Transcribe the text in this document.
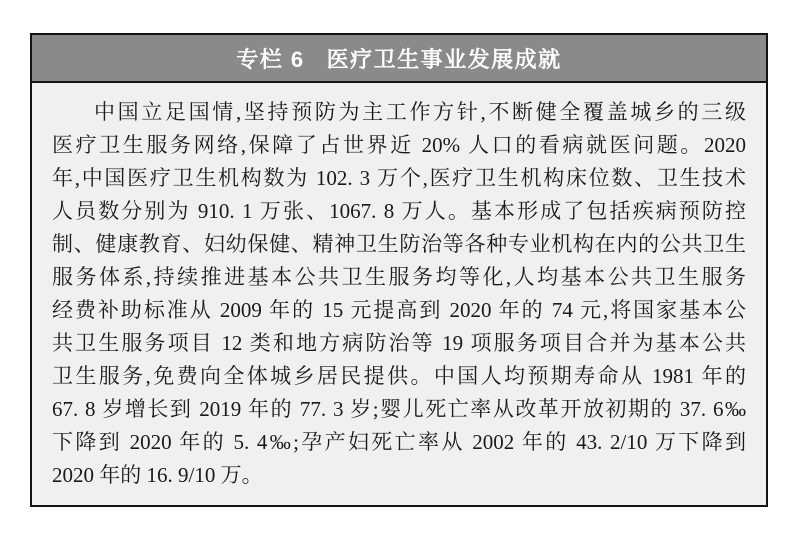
专栏 6 医疗卫生事业发展成就
中国立足国情,坚持预防为主工作方针,不断健全覆盖城乡的三级
医疗卫生服务网络,保障了占世界近 20% 人口的看病就医问题。2020
年,中国医疗卫生机构数为 102. 3 万个,医疗卫生机构床位数、卫生技术
人员数分别为 910. 1 万张、1067. 8 万人。基本形成了包括疾病预防控
制、健康教育、妇幼保健、精神卫生防治等各种专业机构在内的公共卫生
服务体系,持续推进基本公共卫生服务均等化,人均基本公共卫生服务
经费补助标准从 2009 年的 15 元提高到 2020 年的 74 元,将国家基本公
共卫生服务项目 12 类和地方病防治等 19 项服务项目合并为基本公共
卫生服务,免费向全体城乡居民提供。中国人均预期寿命从 1981 年的
67. 8 岁增长到 2019 年的 77. 3 岁;婴儿死亡率从改革开放初期的 37. 6‰
下降到 2020 年的 5. 4‰;孕产妇死亡率从 2002 年的 43. 2/10 万下降到
2020 年的 16. 9/10 万。
